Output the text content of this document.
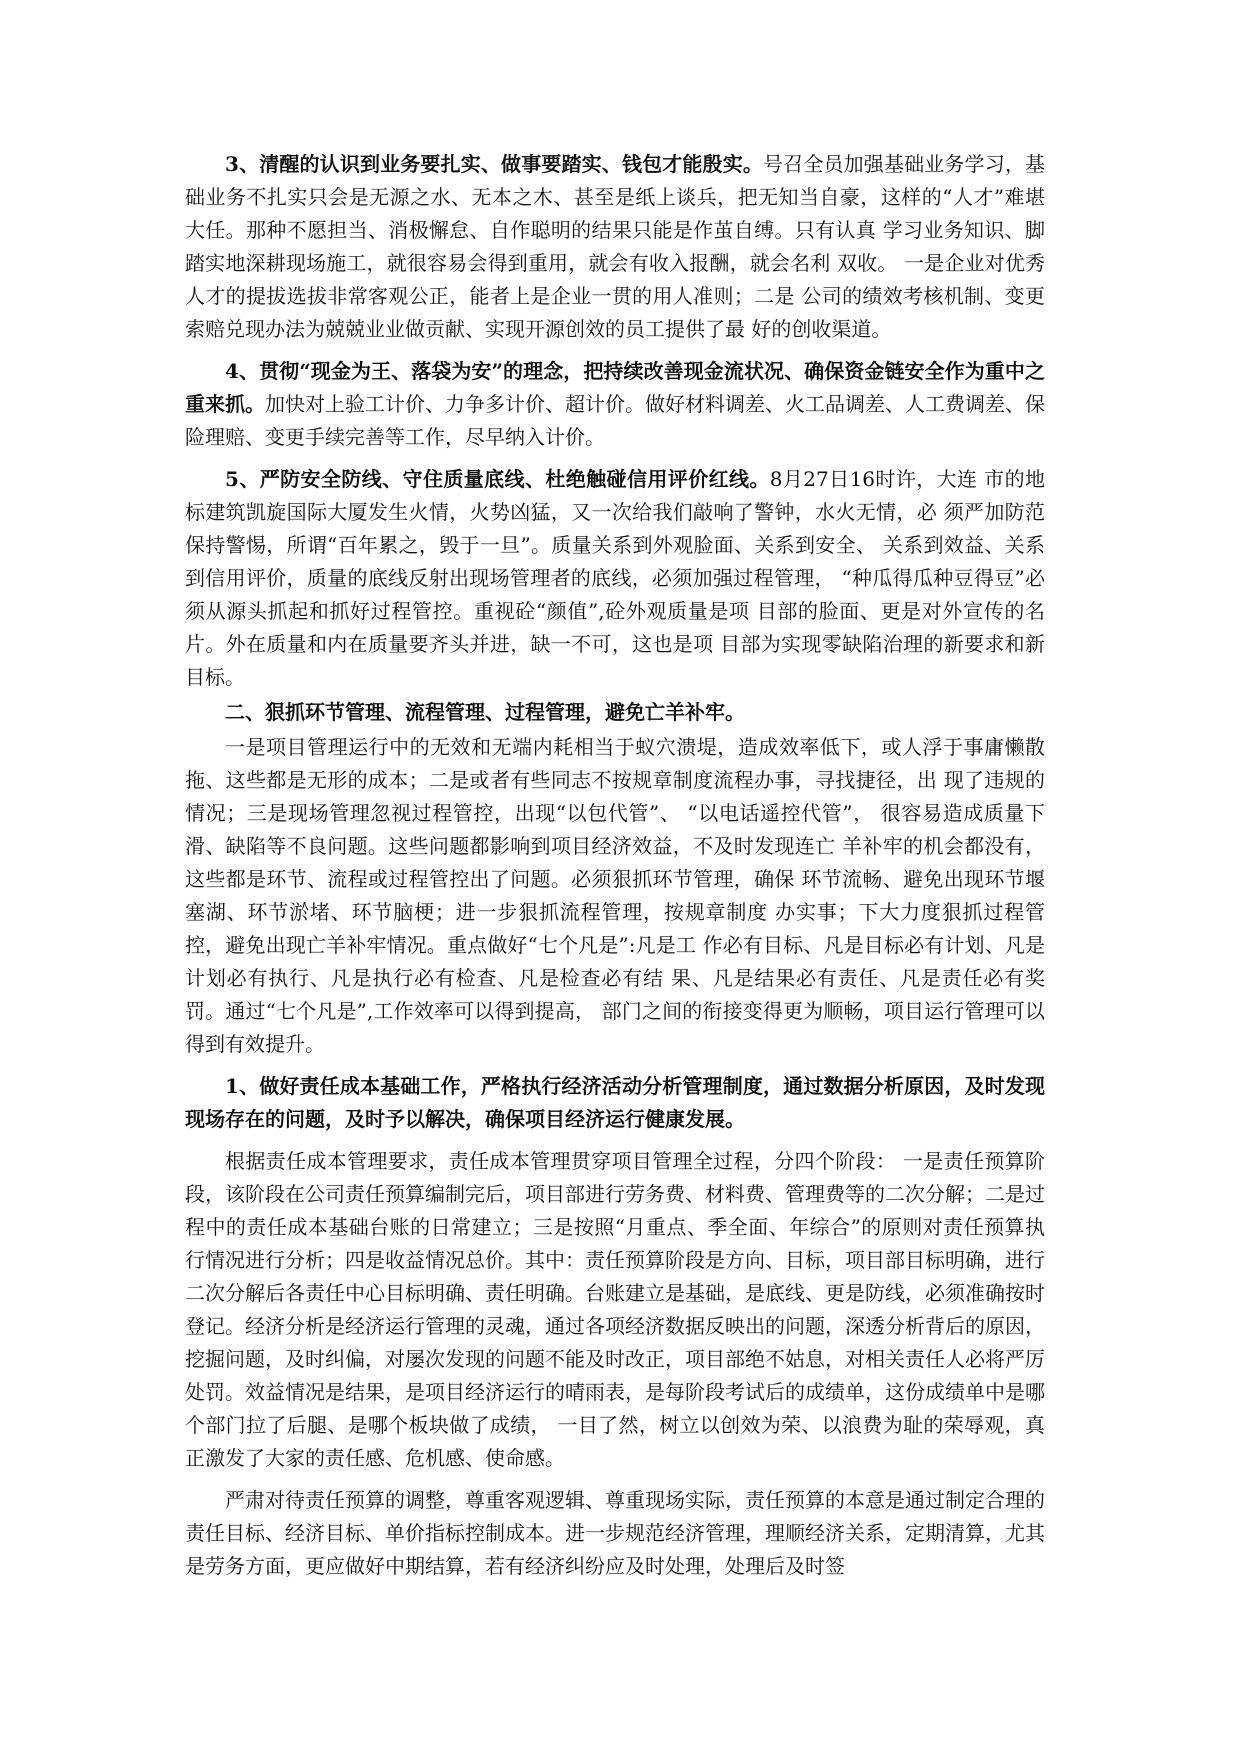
3、清醒的认识到业务要扎实、做事要踏实、钱包才能殷实。号召全员加强基础业务学习，基础业务不扎实只会是无源之水、无本之木、甚至是纸上谈兵，把无知当自豪，这样的“人才”难堪大任。那种不愿担当、消极懈怠、自作聪明的结果只能是作茧自缚。只有认真 学习业务知识、脚踏实地深耕现场施工，就很容易会得到重用，就会有收入报酬，就会名利 双收。 一是企业对优秀人才的提拔选拔非常客观公正，能者上是企业一贯的用人准则；二是 公司的绩效考核机制、变更索赔兑现办法为兢兢业业做贡献、实现开源创效的员工提供了最 好的创收渠道。

4、贯彻“现金为王、落袋为安”的理念，把持续改善现金流状况、确保资金链安全作为重中之重来抓。加快对上验工计价、力争多计价、超计价。做好材料调差、火工品调差、人工费调差、保险理赔、变更手续完善等工作，尽早纳入计价。

5、严防安全防线、守住质量底线、杜绝触碰信用评价红线。8月27日16时许，大连 市的地标建筑凯旋国际大厦发生火情，火势凶猛，又一次给我们敲响了警钟，水火无情，必 须严加防范保持警惕，所谓“百年累之，毁于一旦”。质量关系到外观脸面、关系到安全、 关系到效益、关系到信用评价，质量的底线反射出现场管理者的底线，必须加强过程管理， “种瓜得瓜种豆得豆”必须从源头抓起和抓好过程管控。重视砼“颜值”,砼外观质量是项 目部的脸面、更是对外宣传的名片。外在质量和内在质量要齐头并进，缺一不可，这也是项 目部为实现零缺陷治理的新要求和新目标。

二、狠抓环节管理、流程管理、过程管理，避免亡羊补牢。

一是项目管理运行中的无效和无端内耗相当于蚁穴溃堤，造成效率低下，或人浮于事庸懒散拖、这些都是无形的成本；二是或者有些同志不按规章制度流程办事，寻找捷径，出 现了违规的情况；三是现场管理忽视过程管控，出现“以包代管”、 “以电话遥控代管”， 很容易造成质量下滑、缺陷等不良问题。这些问题都影响到项目经济效益，不及时发现连亡 羊补牢的机会都没有，这些都是环节、流程或过程管控出了问题。必须狠抓环节管理，确保 环节流畅、避免出现环节堰塞湖、环节淤堵、环节脑梗；进一步狠抓流程管理，按规章制度 办实事；下大力度狠抓过程管控，避免出现亡羊补牢情况。重点做好“七个凡是”:凡是工 作必有目标、凡是目标必有计划、凡是计划必有执行、凡是执行必有检查、凡是检查必有结 果、凡是结果必有责任、凡是责任必有奖罚。通过“七个凡是”,工作效率可以得到提高， 部门之间的衔接变得更为顺畅，项目运行管理可以得到有效提升。

1、做好责任成本基础工作，严格执行经济活动分析管理制度，通过数据分析原因，及时发现现场存在的问题，及时予以解决，确保项目经济运行健康发展。

根据责任成本管理要求，责任成本管理贯穿项目管理全过程，分四个阶段： 一是责任预算阶段，该阶段在公司责任预算编制完后，项目部进行劳务费、材料费、管理费等的二次分解；二是过程中的责任成本基础台账的日常建立；三是按照“月重点、季全面、年综合”的原则对责任预算执行情况进行分析；四是收益情况总价。其中：责任预算阶段是方向、目标，项目部目标明确，进行二次分解后各责任中心目标明确、责任明确。台账建立是基础，是底线、更是防线，必须准确按时登记。经济分析是经济运行管理的灵魂，通过各项经济数据反映出的问题，深透分析背后的原因，挖掘问题，及时纠偏，对屡次发现的问题不能及时改正，项目部绝不姑息，对相关责任人必将严厉处罚。效益情况是结果，是项目经济运行的晴雨表，是每阶段考试后的成绩单，这份成绩单中是哪个部门拉了后腿、是哪个板块做了成绩， 一目了然，树立以创效为荣、以浪费为耻的荣辱观，真正激发了大家的责任感、危机感、使命感。

严肃对待责任预算的调整，尊重客观逻辑、尊重现场实际，责任预算的本意是通过制定合理的责任目标、经济目标、单价指标控制成本。进一步规范经济管理，理顺经济关系，定期清算，尤其是劳务方面，更应做好中期结算，若有经济纠纷应及时处理，处理后及时签
